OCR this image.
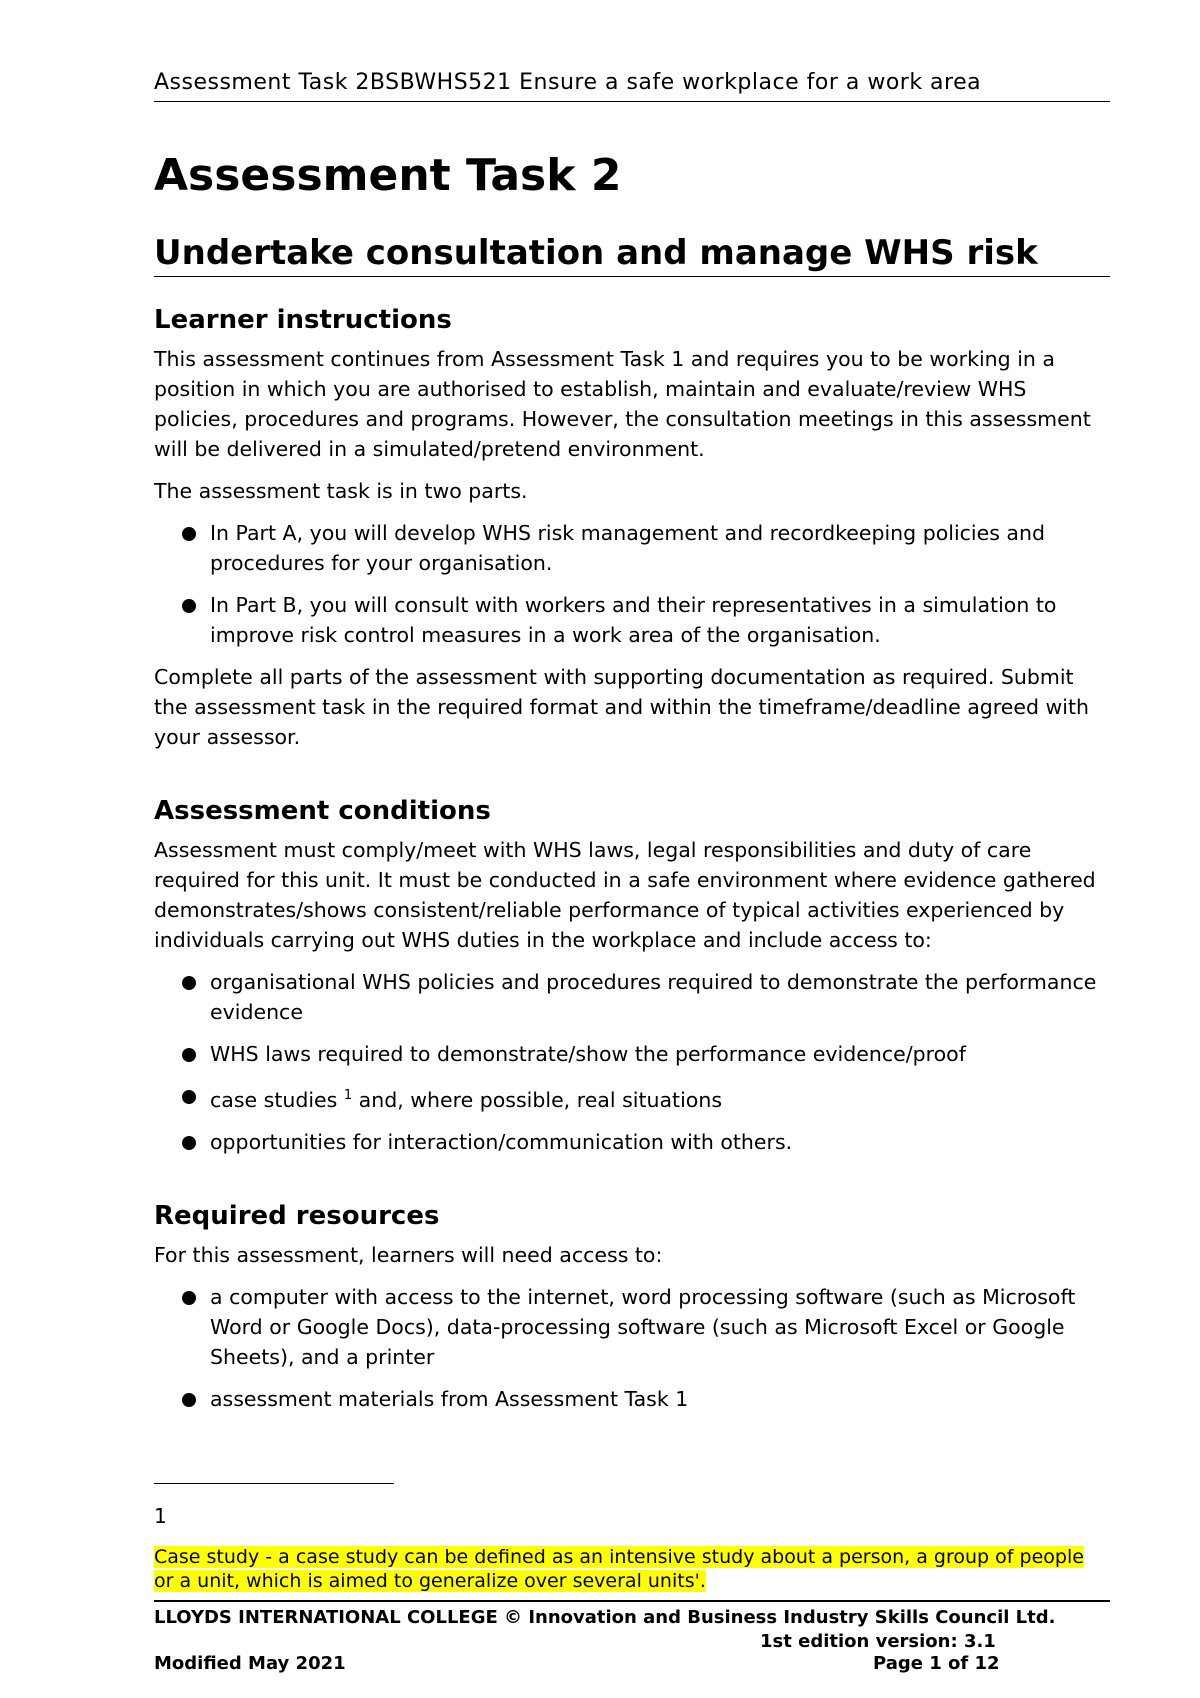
Assessment Task 2BSBWHS521 Ensure a safe workplace for a work area
Assessment Task 2
Undertake consultation and manage WHS risk
Learner instructions

This assessment continues from Assessment Task 1 and requires you to be working in a position in which you are authorised to establish, maintain and evaluate/review WHS policies, procedures and programs. However, the consultation meetings in this assessment will be delivered in a simulated/pretend environment.

The assessment task is in two parts.

In Part A, you will develop WHS risk management and recordkeeping policies and procedures for your organisation.
In Part B, you will consult with workers and their representatives in a simulation to improve risk control measures in a work area of the organisation.

Complete all parts of the assessment with supporting documentation as required. Submit the assessment task in the required format and within the timeframe/deadline agreed with your assessor.

Assessment conditions

Assessment must comply/meet with WHS laws, legal responsibilities and duty of care required for this unit. It must be conducted in a safe environment where evidence gathered demonstrates/shows consistent/reliable performance of typical activities experienced by individuals carrying out WHS duties in the workplace and include access to:

organisational WHS policies and procedures required to demonstrate the performance evidence
WHS laws required to demonstrate/show the performance evidence/proof
case studies $^1$ and, where possible, real situations
opportunities for interaction/communication with others.
Required resources

For this assessment, learners will need access to:

a computer with access to the internet, word processing software (such as Microsoft Word or Google Docs), data-processing software (such as Microsoft Excel or Google Sheets), and a printer
assessment materials from Assessment Task 1
1
Case study - a case study can be defined as an intensive study about a person, a group of people or a unit, which is aimed to generalize over several units'.
LLOYDS INTERNATIONAL COLLEGE © Innovation and Business Industry Skills Council Ltd.
1st edition version: 3.1
Modified May 2021	Page 1 of 12
